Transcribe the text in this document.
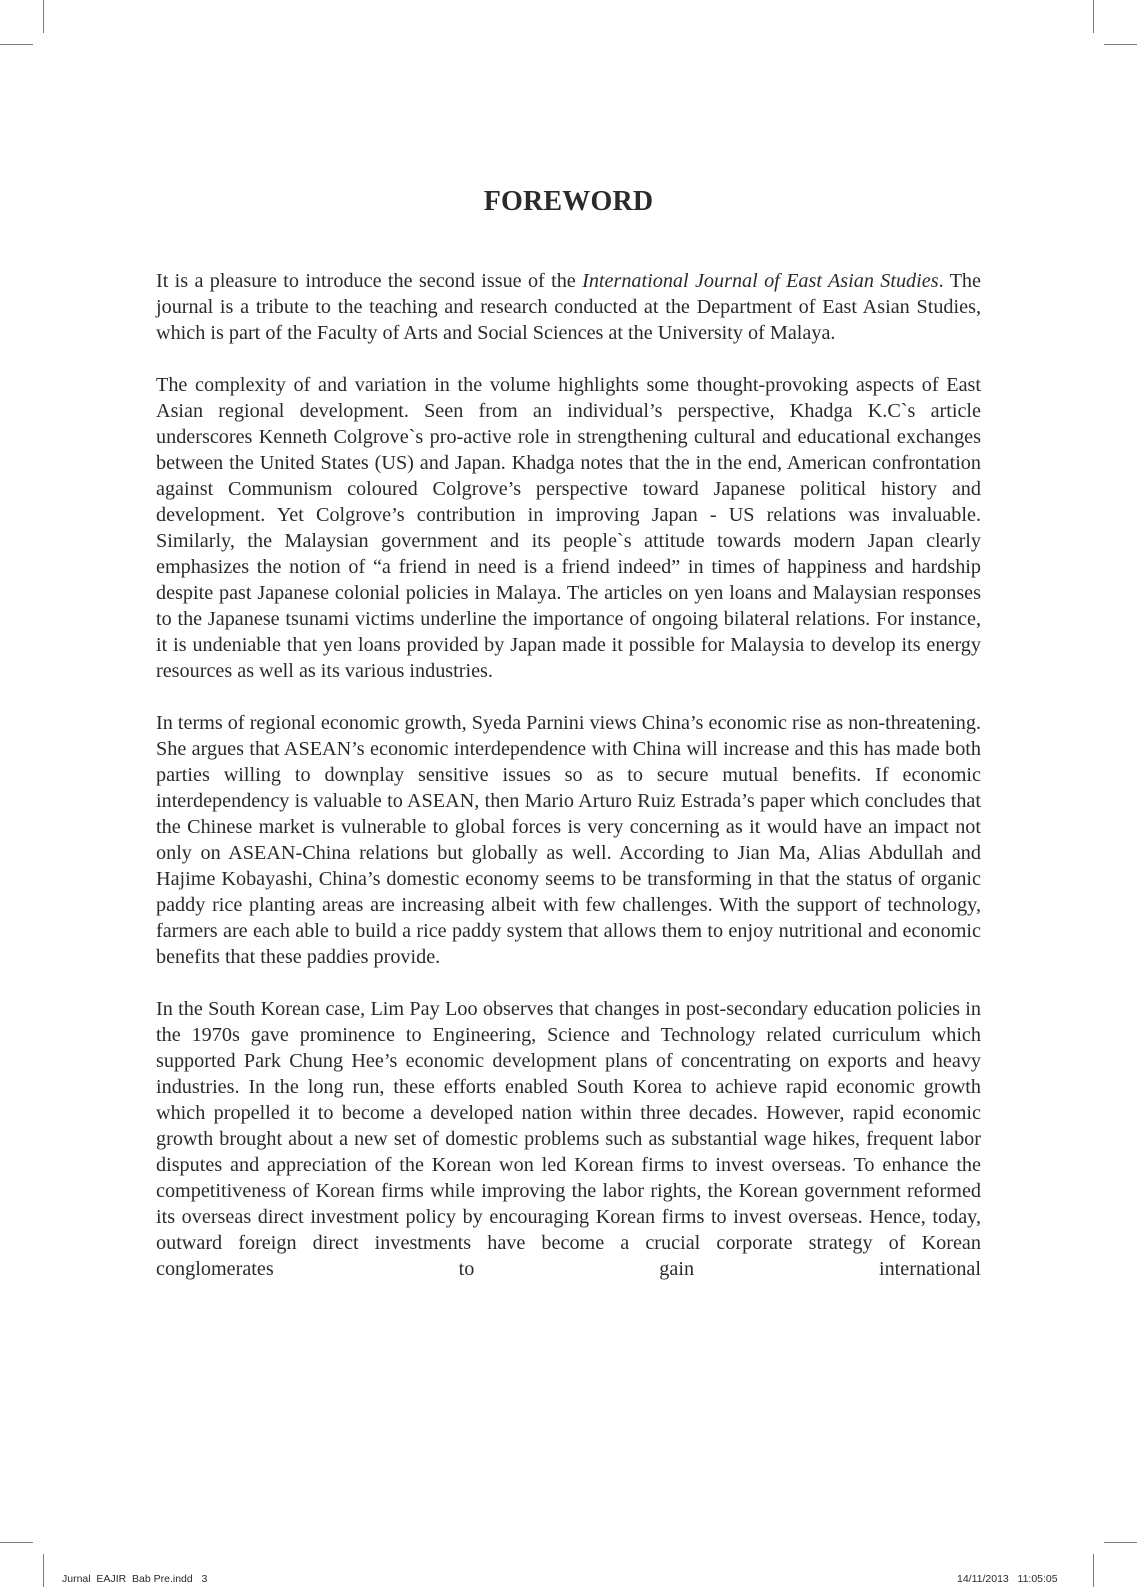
FOREWORD

It is a pleasure to introduce the second issue of the International Journal of East Asian Studies. The journal is a tribute to the teaching and research conducted at the Department of East Asian Studies, which is part of the Faculty of Arts and Social Sciences at the University of Malaya.

The complexity of and variation in the volume highlights some thought-provoking aspects of East Asian regional development. Seen from an individual’s perspective, Khadga K.C`s article underscores Kenneth Colgrove`s pro-active role in strengthening cultural and educational exchanges between the United States (US) and Japan. Khadga notes that the in the end, American confrontation against Communism coloured Colgrove’s perspective toward Japanese political history and development. Yet Colgrove’s contribution in improving Japan - US relations was invaluable. Similarly, the Malaysian government and its people`s attitude towards modern Japan clearly emphasizes the notion of “a friend in need is a friend indeed” in times of happiness and hardship despite past Japanese colonial policies in Malaya. The articles on yen loans and Malaysian responses to the Japanese tsunami victims underline the importance of ongoing bilateral relations. For instance, it is undeniable that yen loans provided by Japan made it possible for Malaysia to develop its energy resources as well as its various industries.

In terms of regional economic growth, Syeda Parnini views China’s economic rise as non-threatening. She argues that ASEAN’s economic interdependence with China will increase and this has made both parties willing to downplay sensitive issues so as to secure mutual benefits. If economic interdependency is valuable to ASEAN, then Mario Arturo Ruiz Estrada’s paper which concludes that the Chinese market is vulnerable to global forces is very concerning as it would have an impact not only on ASEAN-China relations but globally as well. According to Jian Ma, Alias Abdullah and Hajime Kobayashi, China’s domestic economy seems to be transforming in that the status of organic paddy rice planting areas are increasing albeit with few challenges. With the support of technology, farmers are each able to build a rice paddy system that allows them to enjoy nutritional and economic benefits that these paddies provide.

In the South Korean case, Lim Pay Loo observes that changes in post-secondary education policies in the 1970s gave prominence to Engineering, Science and Technology related curriculum which supported Park Chung Hee’s economic development plans of concentrating on exports and heavy industries. In the long run, these efforts enabled South Korea to achieve rapid economic growth which propelled it to become a developed nation within three decades. However, rapid economic growth brought about a new set of domestic problems such as substantial wage hikes, frequent labor disputes and appreciation of the Korean won led Korean firms to invest overseas. To enhance the competitiveness of Korean firms while improving the labor rights, the Korean government reformed its overseas direct investment policy by encouraging Korean firms to invest overseas. Hence, today, outward foreign direct investments have become a crucial corporate strategy of Korean conglomerates to gain international

Jurnal  EAJIR  Bab Pre.indd   3	14/11/2013   11:05:05
